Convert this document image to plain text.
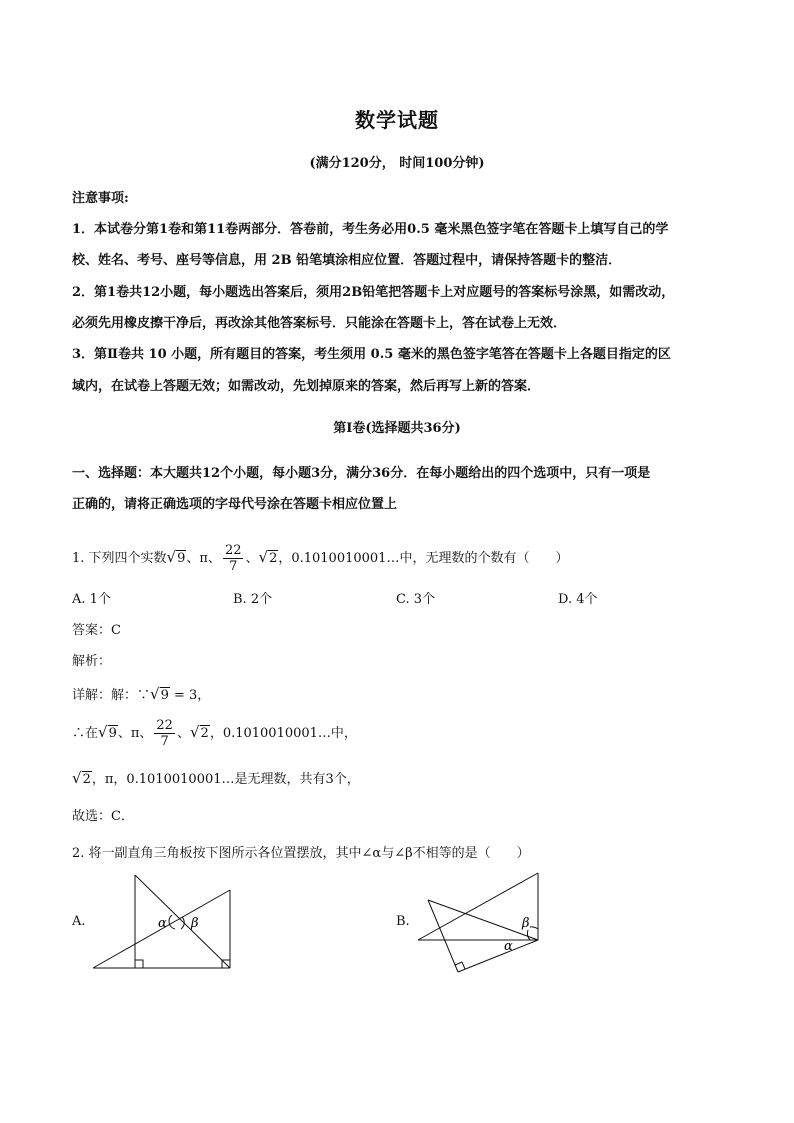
数学试题
(满分120分， 时间100分钟)
注意事项:
1．本试卷分第1卷和第11卷两部分．答卷前，考生务必用0.5 毫米黑色签字笔在答题卡上填写自己的学
校、姓名、考号、座号等信息，用 2B 铅笔填涂相应位置．答题过程中，请保持答题卡的整洁．
2．第1卷共12小题，每小题选出答案后，须用2B铅笔把答题卡上对应题号的答案标号涂黑，如需改动，
必须先用橡皮擦干净后，再改涂其他答案标号．只能涂在答题卡上，答在试卷上无效．
3．第Ⅱ卷共 10 小题，所有题目的答案，考生须用 0.5 毫米的黑色签字笔答在答题卡上各题目指定的区
域内，在试卷上答题无效；如需改动，先划掉原来的答案，然后再写上新的答案．
第Ⅰ卷(选择题共36分)
一、选择题：本大题共12个小题，每小题3分，满分36分．在每小题给出的四个选项中，只有一项是
正确的，请将正确选项的字母代号涂在答题卡相应位置上
1. 下列四个实数√9、π、 $\frac{22}{7}$ 、√2，0.1010010001…中，无理数的个数有（　　）
A. 1个	B. 2个	C. 3个	D. 4个
答案：C
解析：
详解：解：∵√9 = 3，
∴在√9、π、 $\frac{22}{7}$ 、√2，0.1010010001…中，
√2，π，0.1010010001…是无理数，共有3个，
故选：C．
2. 将一副直角三角板按下图所示各位置摆放，其中∠α与∠β不相等的是（　　）
A.	B.
α β	β
α
